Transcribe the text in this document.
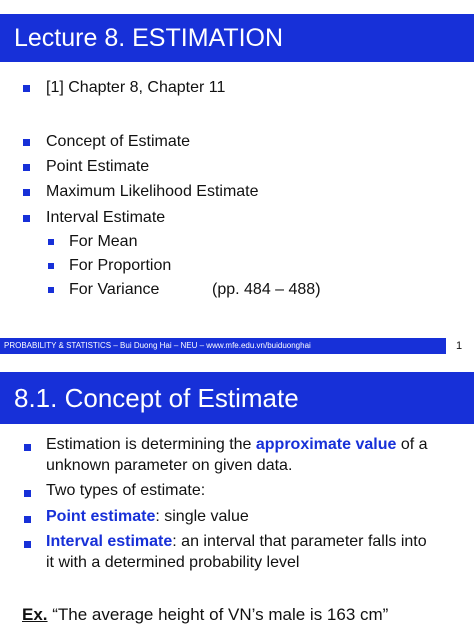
Lecture 8. ESTIMATION
[1] Chapter 8, Chapter 11
Concept of Estimate
Point Estimate
Maximum Likelihood Estimate
Interval Estimate
For Mean
For Proportion
For Variance	(pp. 484 – 488)
PROBABILITY & STATISTICS – Bui Duong Hai – NEU – www.mfe.edu.vn/buiduonghai	1
8.1. Concept of Estimate
Estimation is determining the approximate value of a
unknown parameter on given data.
Two types of estimate:
Point estimate: single value
Interval estimate: an interval that parameter falls into
it with a determined probability level
Ex. “The average height of VN’s male is 163 cm”
